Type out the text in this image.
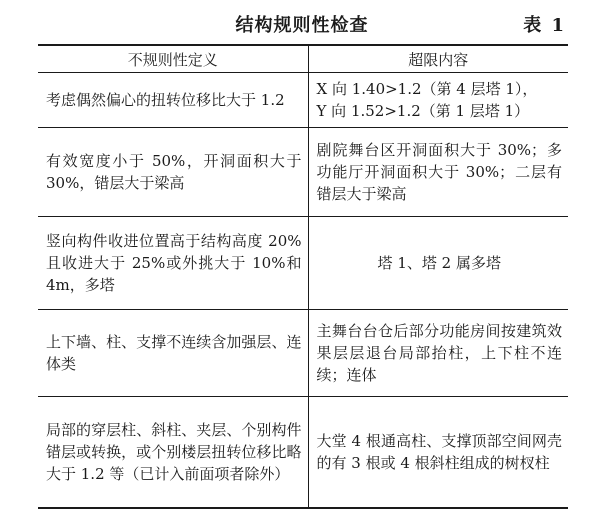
结构规则性检查	表 1
不规则性定义	超限内容
考虑偶然偏心的扭转位移比大于 1.2	X 向 1.40>1.2（第 4 层塔 1），
Y 向 1.52>1.2（第 1 层塔 1）

有效宽度小于 50%，开洞面积大于 30%，错层大于梁高	剧院舞台区开洞面积大于 30%；多功能厅开洞面积大于 30%；二层有错层大于梁高
竖向构件收进位置高于结构高度 20%且收进大于 25%或外挑大于 10%和 4m，多塔	塔 1、塔 2 属多塔
上下墙、柱、支撑不连续含加强层、连体类	主舞台台仓后部分功能房间按建筑效果层层退台局部抬柱，上下柱不连续；连体
局部的穿层柱、斜柱、夹层、个别构件错层或转换，或个别楼层扭转位移比略大于 1.2 等（已计入前面项者除外）	大堂 4 根通高柱、支撑顶部空间网壳的有 3 根或 4 根斜柱组成的树杈柱
